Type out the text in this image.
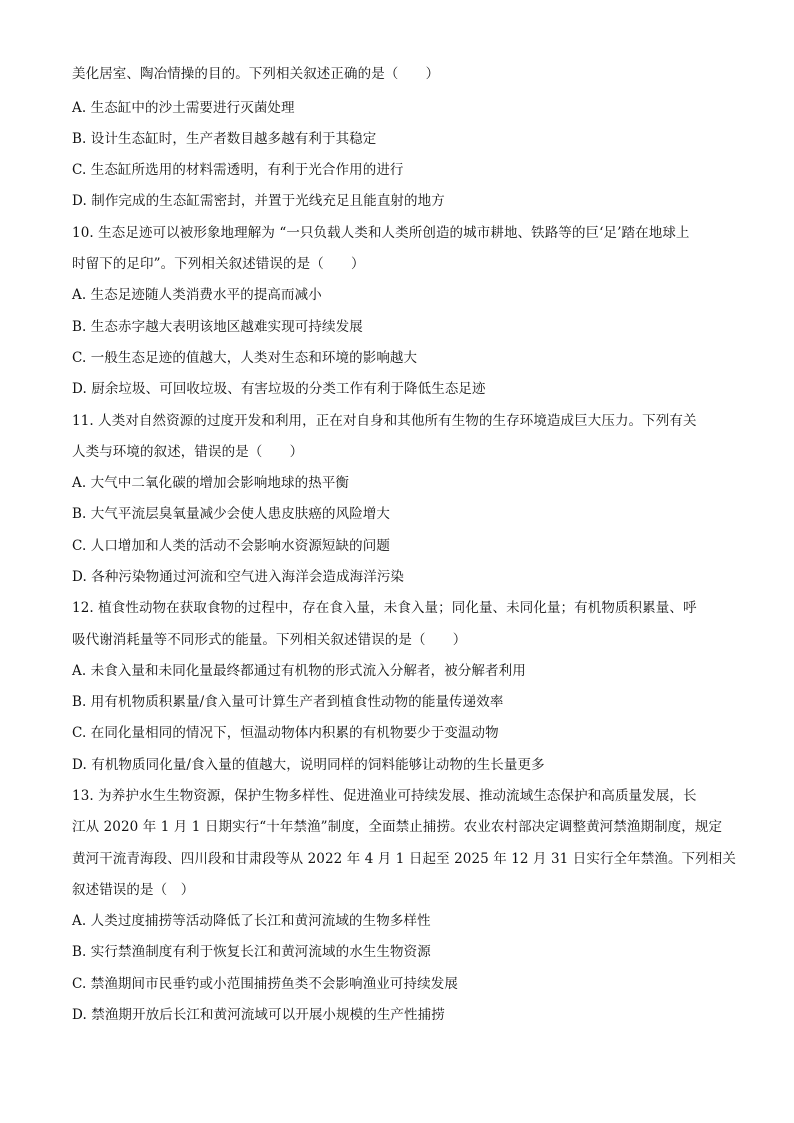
美化居室、陶冶情操的目的。下列相关叙述正确的是（　　）
A. 生态缸中的沙土需要进行灭菌处理
B. 设计生态缸时，生产者数目越多越有利于其稳定
C. 生态缸所选用的材料需透明，有利于光合作用的进行
D. 制作完成的生态缸需密封，并置于光线充足且能直射的地方
10. 生态足迹可以被形象地理解为 “一只负载人类和人类所创造的城市耕地、铁路等的巨‘足’踏在地球上
时留下的足印”。下列相关叙述错误的是（　　）
A. 生态足迹随人类消费水平的提高而减小
B. 生态赤字越大表明该地区越难实现可持续发展
C. 一般生态足迹的值越大，人类对生态和环境的影响越大
D. 厨余垃圾、可回收垃圾、有害垃圾的分类工作有利于降低生态足迹
11. 人类对自然资源的过度开发和利用，正在对自身和其他所有生物的生存环境造成巨大压力。下列有关
人类与环境的叙述，错误的是（　　）
A. 大气中二氧化碳的增加会影响地球的热平衡
B. 大气平流层臭氧量减少会使人患皮肤癌的风险增大
C. 人口增加和人类的活动不会影响水资源短缺的问题
D. 各种污染物通过河流和空气进入海洋会造成海洋污染
12. 植食性动物在获取食物的过程中，存在食入量，未食入量；同化量、未同化量；有机物质积累量、呼
吸代谢消耗量等不同形式的能量。下列相关叙述错误的是（　　）
A. 未食入量和未同化量最终都通过有机物的形式流入分解者，被分解者利用
B. 用有机物质积累量/食入量可计算生产者到植食性动物的能量传递效率
C. 在同化量相同的情况下，恒温动物体内积累的有机物要少于变温动物
D. 有机物质同化量/食入量的值越大，说明同样的饲料能够让动物的生长量更多
13. 为养护水生生物资源，保护生物多样性、促进渔业可持续发展、推动流域生态保护和高质量发展，长
江从 2020 年 1 月 1 日期实行“十年禁渔”制度，全面禁止捕捞。农业农村部决定调整黄河禁渔期制度，规定
黄河干流青海段、四川段和甘肃段等从 2022 年 4 月 1 日起至 2025 年 12 月 31 日实行全年禁渔。下列相关
叙述错误的是（　）
A. 人类过度捕捞等活动降低了长江和黄河流域的生物多样性
B. 实行禁渔制度有利于恢复长江和黄河流域的水生生物资源
C. 禁渔期间市民垂钓或小范围捕捞鱼类不会影响渔业可持续发展
D. 禁渔期开放后长江和黄河流域可以开展小规模的生产性捕捞
